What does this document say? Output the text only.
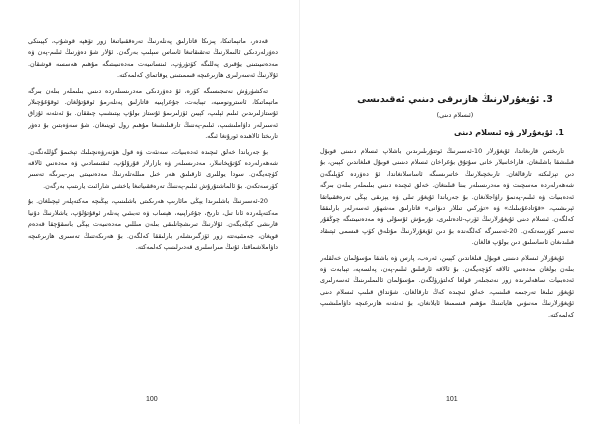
قەدەر، ماتېماتىكا، پىزىكا قاتارلىق پەنلەرنىڭ تەرەققىياتىغا زور تۆھپە قوشۇپ، كېيىنكى دەۋرلەردىكى ئالىملارنىڭ تەتقىقاتىغا ئاساس سېلىپ بەرگەن. ئۇلار شۇ دەۋرنىڭ ئىلىم-پەن ۋە مەدەنىيىتىنى يۇقىرى پەللىگە كۆتۈرۈپ، ئىنسانىيەت مەدەنىيىتىگە مۇھىم ھەسسە قوشقان. ئۇلارنىڭ ئەسەرلىرى ھازىرغىچە قىممىتىنى يوقاتماي كەلمەكتە.

تەكشۈرۈش نەتىجىسىگە كۆرە، ئۇ دەۋردىكى مەدرىسىلەردە دىنىي بىلىملەر بىلەن بىرگە ماتېماتىكا، ئاسترونومىيە، تېبابەت، جۇغراپىيە قاتارلىق پەنلەرمۇ ئوقۇتۇلغان. ئوقۇغۇچىلار ئۇستازلىرىدىن ئىلىم ئېلىپ، كېيىن ئۆزلىرىمۇ ئۇستاز بولۇپ يېتىشىپ چىققان. بۇ ئەنئەنە ئۇزاق ئەسىرلەر داۋاملىشىپ، ئىلىم-پەننىڭ تارقىلىشىغا مۇھىم رول ئوينىغان. شۇ سەۋەبتىن بۇ دەۋر تارىختا ئالاھىدە ئورۇنغا ئىگە.

بۇ جەرياندا خەلق ئىچىدە ئەدەبىيات، سەنئەت ۋە قول ھۈنەرۋەنچىلىك تېخىمۇ گۈللەنگەن. شەھەرلەردە كۇتۇپخانىلار، مەدرىسىلەر ۋە بازارلار قۇرۇلۇپ، ئىقتىسادىي ۋە مەدەنىي ئالاقە كۈچەيگەن. سودا يوللىرى ئارقىلىق ھەر خىل مىللەتلەرنىڭ مەدەنىيىتى بىر-بىرىگە تەسىر كۆرسەتكەن. بۇ ئالماشتۇرۇش ئىلىم-پەننىڭ تەرەققىياتىغا ياخشى شارائىت يارىتىپ بەرگەن.

20-ئەسىرنىڭ باشلىرىدا يېڭى مائارىپ ھەرىكىتى باشلىنىپ، يېڭىچە مەكتەپلەر ئېچىلغان. بۇ مەكتەپلەردە ئانا تىل، تارىخ، جۇغراپىيە، ھېساب ۋە تەبىئىي پەنلەر ئوقۇتۇلۇپ، ياشلارنىڭ دۇنيا قارىشى كېڭەيگەن. ئۇلارنىڭ تىرىشچانلىقى بىلەن مىللىي مەدەنىيەت يېڭى باسقۇچقا قەدەم قويغان، جەمئىيەتتە زور ئۆزگىرىشلەر بارلىققا كەلگەن. بۇ ھەرىكەتنىڭ تەسىرى ھازىرغىچە داۋاملاشماقتا، ئۇنىڭ مىراسلىرى قەدىرلىنىپ كەلمەكتە.

100
3. ئۇيغۇرلارنىڭ ھازىرقى دىنىي ئەقىدىسى
(ئىسلام دىنى)
1. ئۇيغۇرلار ۋە ئىسلام دىنى

تارىختىن قارىغاندا، ئۇيغۇرلار 10-ئەسىرنىڭ ئوتتۇرىلىرىدىن باشلاپ ئىسلام دىنىنى قوبۇل قىلىشقا باشلىغان. قاراخانىيلار خانى سۇتۇق بۇغراخان ئىسلام دىنىنى قوبۇل قىلغاندىن كېيىن، بۇ دىن تېزلىكتە تارقالغان. تارىخچىلارنىڭ خاتىرىسىگە ئاساسلانغاندا، ئۇ دەۋردە كۆپلىگەن شەھەرلەردە مەسچىت ۋە مەدرىسىلەر بىنا قىلىنغان. خەلق ئىچىدە دىنىي بىلىملەر بىلەن بىرگە ئەدەبىيات ۋە ئىلىم-پەنمۇ راۋاجلانغان. بۇ جەرياندا ئۇيغۇر تىلى ۋە يېزىقى يېڭى تەرەققىياتقا ئېرىشىپ، «قۇتادغۇبىلىك» ۋە «تۈركىي تىللار دىۋانى» قاتارلىق مەشھۇر ئەسەرلەر بارلىققا كەلگەن. ئىسلام دىنى ئۇيغۇرلارنىڭ ئۆرپ-ئادەتلىرى، تۇرمۇش ئۇسۇلى ۋە مەدەنىيىتىگە چوڭقۇر تەسىر كۆرسەتكەن. 20-ئەسىرگە كەلگەندە بۇ دىن ئۇيغۇرلارنىڭ مۇتلەق كۆپ قىسمى ئېتىقاد قىلىدىغان ئاساسلىق دىن بولۇپ قالغان.

ئۇيغۇرلار ئىسلام دىنىنى قوبۇل قىلغاندىن كېيىن، ئەرەب، پارس ۋە باشقا مۇسۇلمان خەلقلەر بىلەن بولغان مەدەنىي ئالاقە كۈچەيگەن. بۇ ئالاقە ئارقىلىق ئىلىم-پەن، پەلسەپە، تېبابەت ۋە ئەدەبىيات ساھەلىرىدە زور نەتىجىلەر قولغا كەلتۈرۈلگەن. مۇسۇلمان ئالىملىرىنىڭ ئەسەرلىرى ئۇيغۇر تىلىغا تەرجىمە قىلىنىپ، خەلق ئىچىدە كەڭ تارقالغان. شۇنداق قىلىپ ئىسلام دىنى ئۇيغۇرلارنىڭ مەنىۋىي ھاياتىنىڭ مۇھىم قىسمىغا ئايلانغان، بۇ ئەنئەنە ھازىرغىچە داۋاملىشىپ كەلمەكتە.

101
